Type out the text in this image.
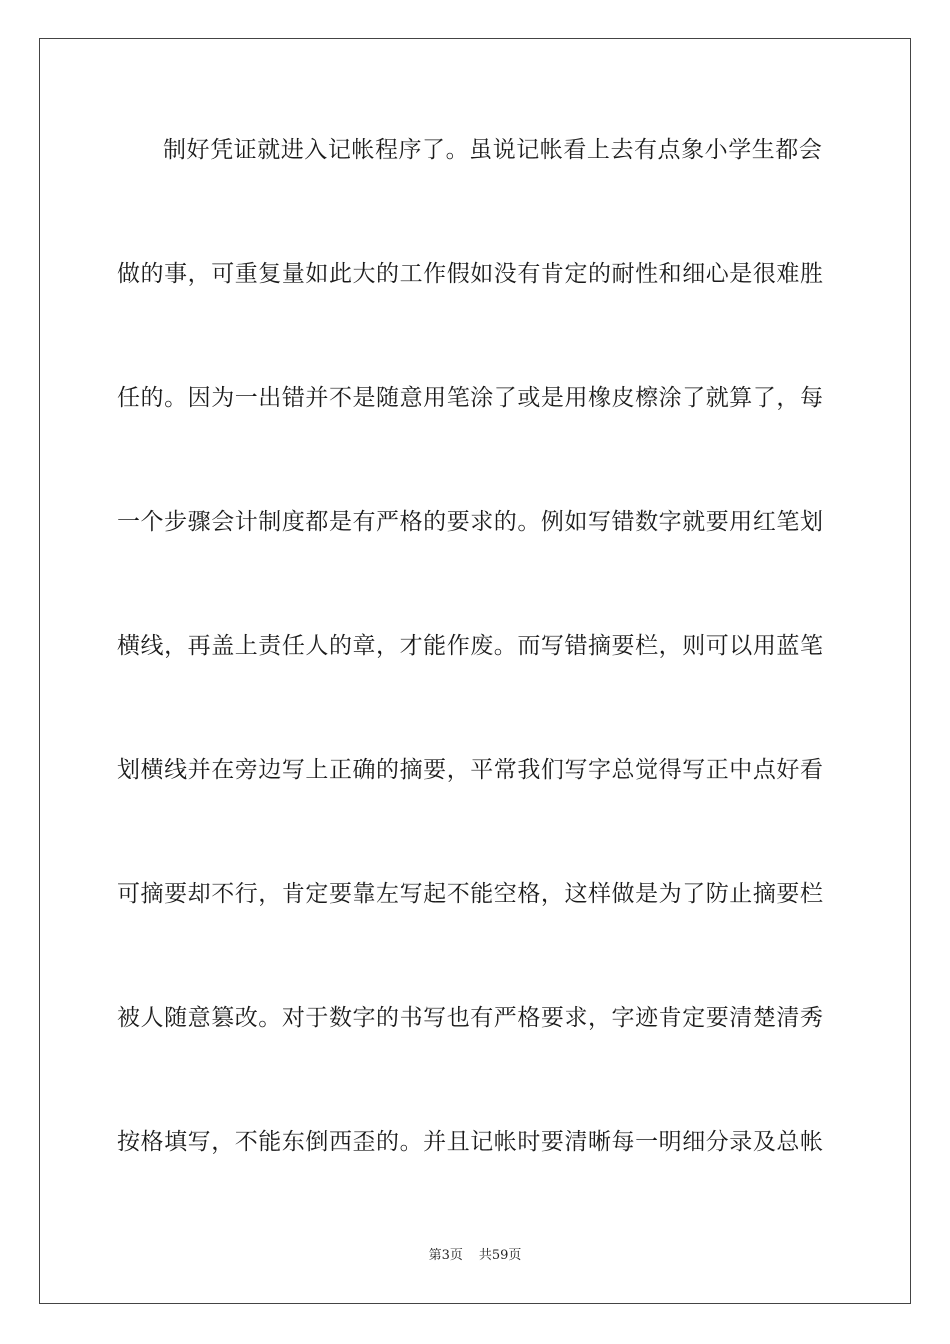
制好凭证就进入记帐程序了。虽说记帐看上去有点象小学生都会
做的事，可重复量如此大的工作假如没有肯定的耐性和细心是很难胜
任的。因为一出错并不是随意用笔涂了或是用橡皮檫涂了就算了，每
一个步骤会计制度都是有严格的要求的。例如写错数字就要用红笔划
横线，再盖上责任人的章，才能作废。而写错摘要栏，则可以用蓝笔
划横线并在旁边写上正确的摘要，平常我们写字总觉得写正中点好看
可摘要却不行，肯定要靠左写起不能空格，这样做是为了防止摘要栏
被人随意篡改。对于数字的书写也有严格要求，字迹肯定要清楚清秀
按格填写，不能东倒西歪的。并且记帐时要清晰每一明细分录及总帐
第3页 共59页
